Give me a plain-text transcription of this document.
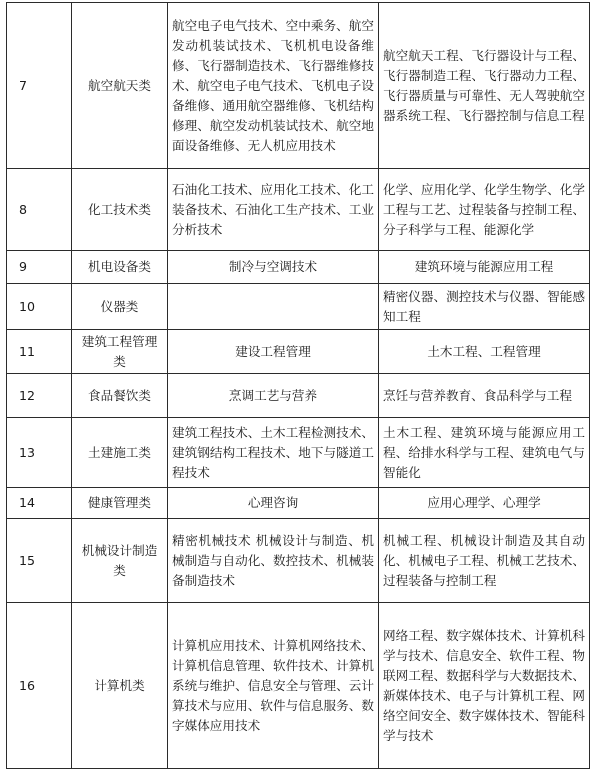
7	航空航天类	航空电子电气技术、空中乘务、航空发动机装试技术、飞机机电设备维修、飞行器制造技术、飞行器维修技术、航空电子电气技术、飞机电子设备维修、通用航空器维修、飞机结构修理、航空发动机装试技术、航空地面设备维修、无人机应用技术	航空航天工程、飞行器设计与工程、飞行器制造工程、飞行器动力工程、飞行器质量与可靠性、无人驾驶航空器系统工程、飞行器控制与信息工程
8	化工技术类	石油化工技术、应用化工技术、化工装备技术、石油化工生产技术、工业分析技术	化学、应用化学、化学生物学、化学工程与工艺、过程装备与控制工程、分子科学与工程、能源化学
9	机电设备类	制冷与空调技术	建筑环境与能源应用工程
10	仪器类		精密仪器、测控技术与仪器、智能感知工程
11	建筑工程管理类	建设工程管理	土木工程、工程管理
12	食品餐饮类	烹调工艺与营养	烹饪与营养教育、食品科学与工程
13	土建施工类	建筑工程技术、土木工程检测技术、建筑钢结构工程技术、地下与隧道工程技术	土木工程、建筑环境与能源应用工程、给排水科学与工程、建筑电气与智能化
14	健康管理类	心理咨询	应用心理学、心理学
15	机械设计制造类	精密机械技术 机械设计与制造、机械制造与自动化、数控技术、机械装备制造技术	机械工程、机械设计制造及其自动化、机械电子工程、机械工艺技术、过程装备与控制工程
16	计算机类	计算机应用技术、计算机网络技术、计算机信息管理、软件技术、计算机系统与维护、信息安全与管理、云计算技术与应用、软件与信息服务、数字媒体应用技术	网络工程、数字媒体技术、计算机科学与技术、信息安全、软件工程、物联网工程、数据科学与大数据技术、新媒体技术、电子与计算机工程、网络空间安全、数字媒体技术、智能科学与技术
